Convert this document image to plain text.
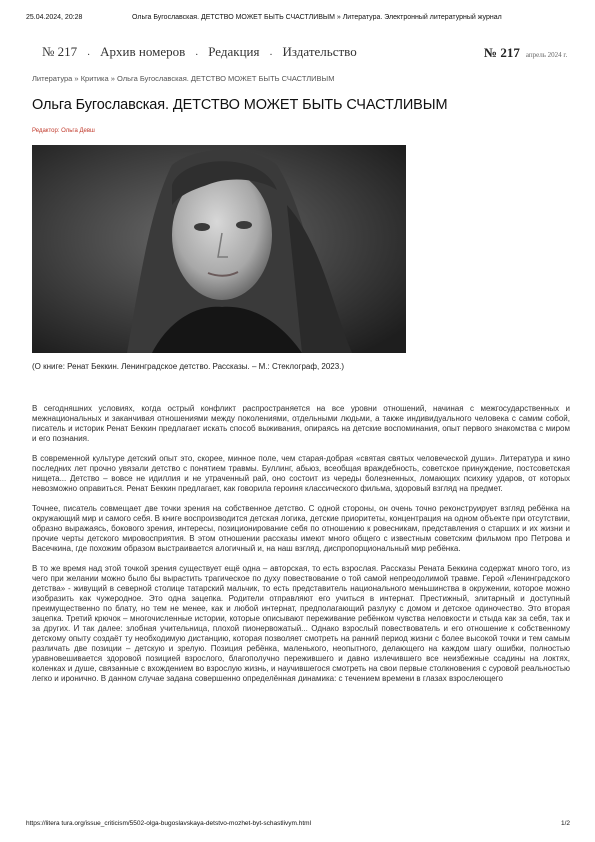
25.04.2024, 20:28	Ольга Бугославская. ДЕТСТВО МОЖЕТ БЫТЬ СЧАСТЛИВЫМ » Литература. Электронный литературный журнал
№ 217 . Архив номеров . Редакция . Издательство	№ 217 апрель 2024 г.
Литература » Критика » Ольга Бугославская. ДЕТСТВО МОЖЕТ БЫТЬ СЧАСТЛИВЫМ
Ольга Бугославская. ДЕТСТВО МОЖЕТ БЫТЬ СЧАСТЛИВЫМ
Редактор: Ольга Девш
(О книге: Ренат Беккин. Ленинградское детство. Рассказы. – М.: Стеклограф, 2023.)

В сегодняшних условиях, когда острый конфликт распространяется на все уровни отношений, начиная с межгосударственных и межнациональных и заканчивая отношениями между поколениями, отдельными людьми, а также индивидуального человека с самим собой, писатель и историк Ренат Беккин предлагает искать способ выживания, опираясь на детские воспоминания, опыт первого знакомства с миром и его познания.

В современной культуре детский опыт это, скорее, минное поле, чем старая-добрая «святая святых человеческой души». Литература и кино последних лет прочно увязали детство с понятием травмы. Буллинг, абьюз, всеобщая враждебность, советское принуждение, постсоветская нищета... Детство – вовсе не идиллия и не утраченный рай, оно состоит из череды болезненных, ломающих психику ударов, от которых невозможно оправиться. Ренат Беккин предлагает, как говорила героиня классического фильма, здоровый взгляд на предмет.

Точнее, писатель совмещает две точки зрения на собственное детство. С одной стороны, он очень точно реконструирует взгляд ребёнка на окружающий мир и самого себя. В книге воспроизводится детская логика, детские приоритеты, концентрация на одном объекте при отсутствии, образно выражаясь, бокового зрения, интересы, позиционирование себя по отношению к ровесникам, представления о старших и их жизни и прочие черты детского мировосприятия. В этом отношении рассказы имеют много общего с известным советским фильмом про Петрова и Васечкина, где похожим образом выстраивается алогичный и, на наш взгляд, диспропорциональный мир ребёнка.

В то же время над этой точкой зрения существует ещё одна – авторская, то есть взрослая. Рассказы Рената Беккина содержат много того, из чего при желании можно было бы вырастить трагическое по духу повествование о той самой непреодолимой травме. Герой «Ленинградского детства» - живущий в северной столице татарский мальчик, то есть представитель национального меньшинства в окружении, которое можно изобразить как чужеродное. Это одна зацепка. Родители отправляют его учиться в интернат. Престижный, элитарный и доступный преимущественно по блату, но тем не менее, как и любой интернат, предполагающий разлуку с домом и детское одиночество. Это вторая зацепка. Третий крючок – многочисленные истории, которые описывают переживание ребёнком чувства неловкости и стыда как за себя, так и за других. И так далее: злобная учительница, плохой пионервожатый... Однако взрослый повествователь и его отношение к собственному детскому опыту создаёт ту необходимую дистанцию, которая позволяет смотреть на ранний период жизни с более высокой точки и тем самым различать две позиции – детскую и зрелую. Позиция ребёнка, маленького, неопытного, делающего на каждом шагу ошибки, полностью уравновешивается здоровой позицией взрослого, благополучно пережившего и давно излечившего все неизбежные ссадины на локтях, коленках и душе, связанные с вхождением во взрослую жизнь, и научившегося смотреть на свои первые столкновения с суровой реальностью легко и иронично. В данном случае задана совершенно определённая динамика: с течением времени в глазах взрослеющего

https://litera tura.org/issue_criticism/5502-olga-bugoslavskaya-detstvo-mozhet-byt-schastlivym.html	1/2
